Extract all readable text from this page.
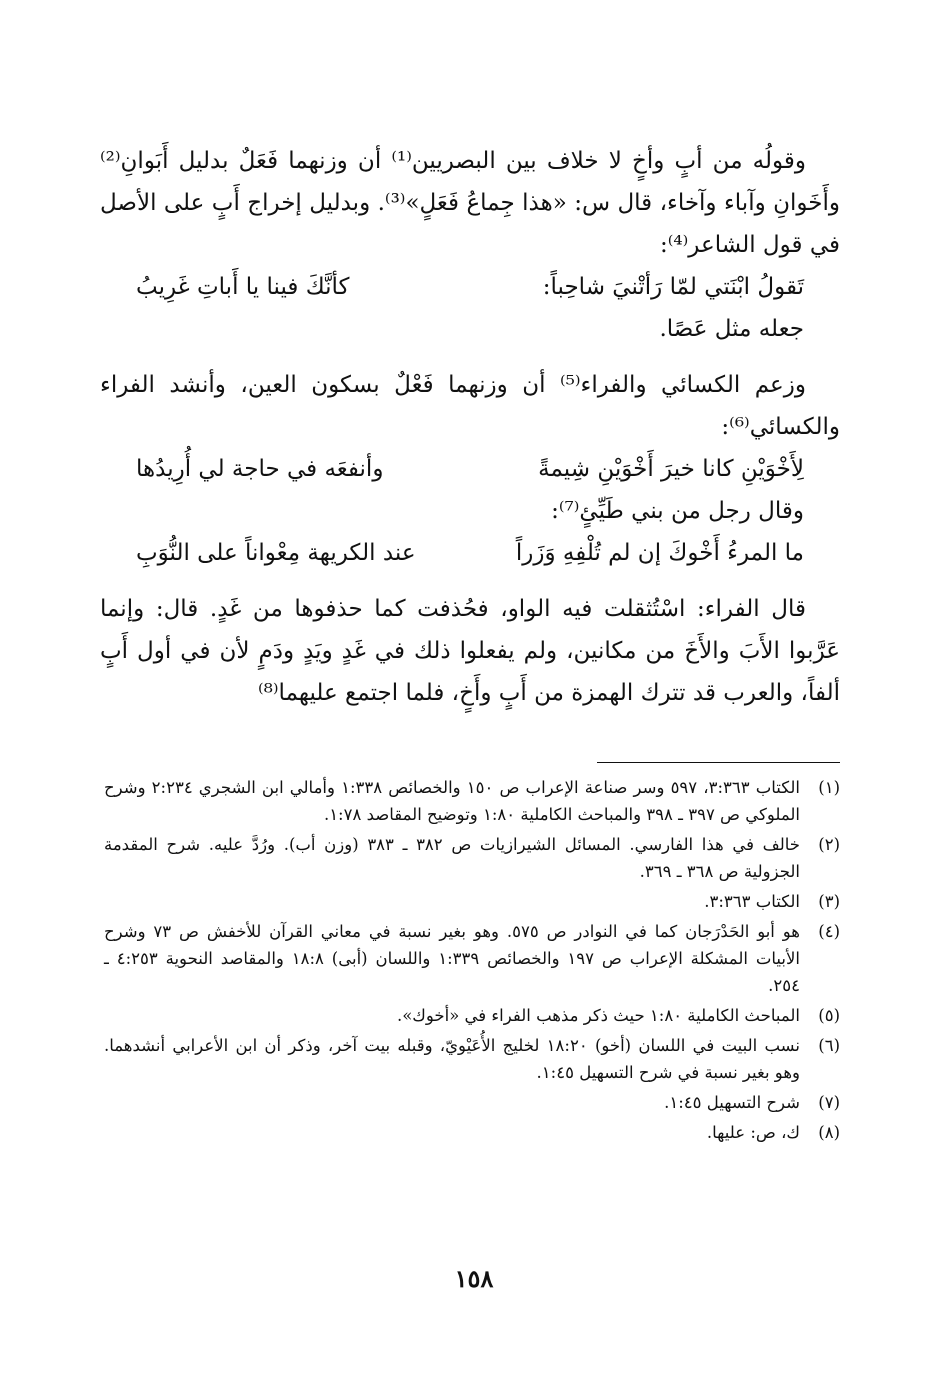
وقولُه من أبٍ وأخٍ لا خلاف بين البصريين⁽¹⁾ أن وزنهما فَعَلٌ بدليل أَبَوانِ⁽²⁾ وأَخَوانِ وآباء وآخاء، قال س: «هذا جِماعُ فَعَلٍ»⁽³⁾. وبدليل إخراج أَبٍ على الأصل في قول الشاعر⁽⁴⁾:

تَقولُ ابْنَتي لمّا رَأتْنيَ شاحِباً:
كأنَّكَ فينا يا أَباتِ غَرِيبُ

جعله مثل عَصًا.

وزعم الكسائي والفراء⁽⁵⁾ أن وزنهما فَعْلٌ بسكون العين، وأنشد الفراء والكسائي⁽⁶⁾:

لِأَخْوَيْنِ كانا خيرَ أَخْوَيْنِ شِيمةً
وأنفعَه في حاجة لي أُرِيدُها

وقال رجل من بني طَيِّئٍ⁽⁷⁾:

ما المرءُ أَخْوكَ إن لم تُلْفِهِ وَزَراً
عند الكريهة مِعْواناً على النُّوَبِ

قال الفراء: اسْتُثقلت فيه الواو، فحُذفت كما حذفوها من غَدٍ. قال: وإنما عَرَّبوا الأَبَ والأَخَ من مكانين، ولم يفعلوا ذلك في غَدٍ ويَدٍ ودَمٍ لأن في أول أَبٍ ألفاً، والعرب قد تترك الهمزة من أَبٍ وأَخٍ، فلما اجتمع عليهما⁽⁸⁾

(١)
الكتاب ٣:٣٦٣، ٥٩٧ وسر صناعة الإعراب ص ١٥٠ والخصائص ١:٣٣٨ وأمالي ابن الشجري ٢:٢٣٤ وشرح الملوكي ص ٣٩٧ ـ ٣٩٨ والمباحث الكاملية ١:٨٠ وتوضيح المقاصد ١:٧٨.
(٢)
خالف في هذا الفارسي. المسائل الشيرازيات ص ٣٨٢ ـ ٣٨٣ (وزن أب). ورُدَّ عليه. شرح المقدمة الجزولية ص ٣٦٨ ـ ٣٦٩.
(٣)
الكتاب ٣:٣٦٣.
(٤)
هو أبو الحَدْرَجان كما في النوادر ص ٥٧٥. وهو بغير نسبة في معاني القرآن للأخفش ص ٧٣ وشرح الأبيات المشكلة الإعراب ص ١٩٧ والخصائص ١:٣٣٩ واللسان (أبى) ١٨:٨ والمقاصد النحوية ٤:٢٥٣ ـ ٢٥٤.
(٥)
المباحث الكاملية ١:٨٠ حيث ذكر مذهب الفراء في «أخوك».
(٦)
نسب البيت في اللسان (أخو) ١٨:٢٠ لخليج الأُعَيْويّ، وقبله بيت آخر، وذكر أن ابن الأعرابي أنشدهما. وهو بغير نسبة في شرح التسهيل ١:٤٥.
(٧)
شرح التسهيل ١:٤٥.
(٨)
ك، ص: عليها.
١٥٨
